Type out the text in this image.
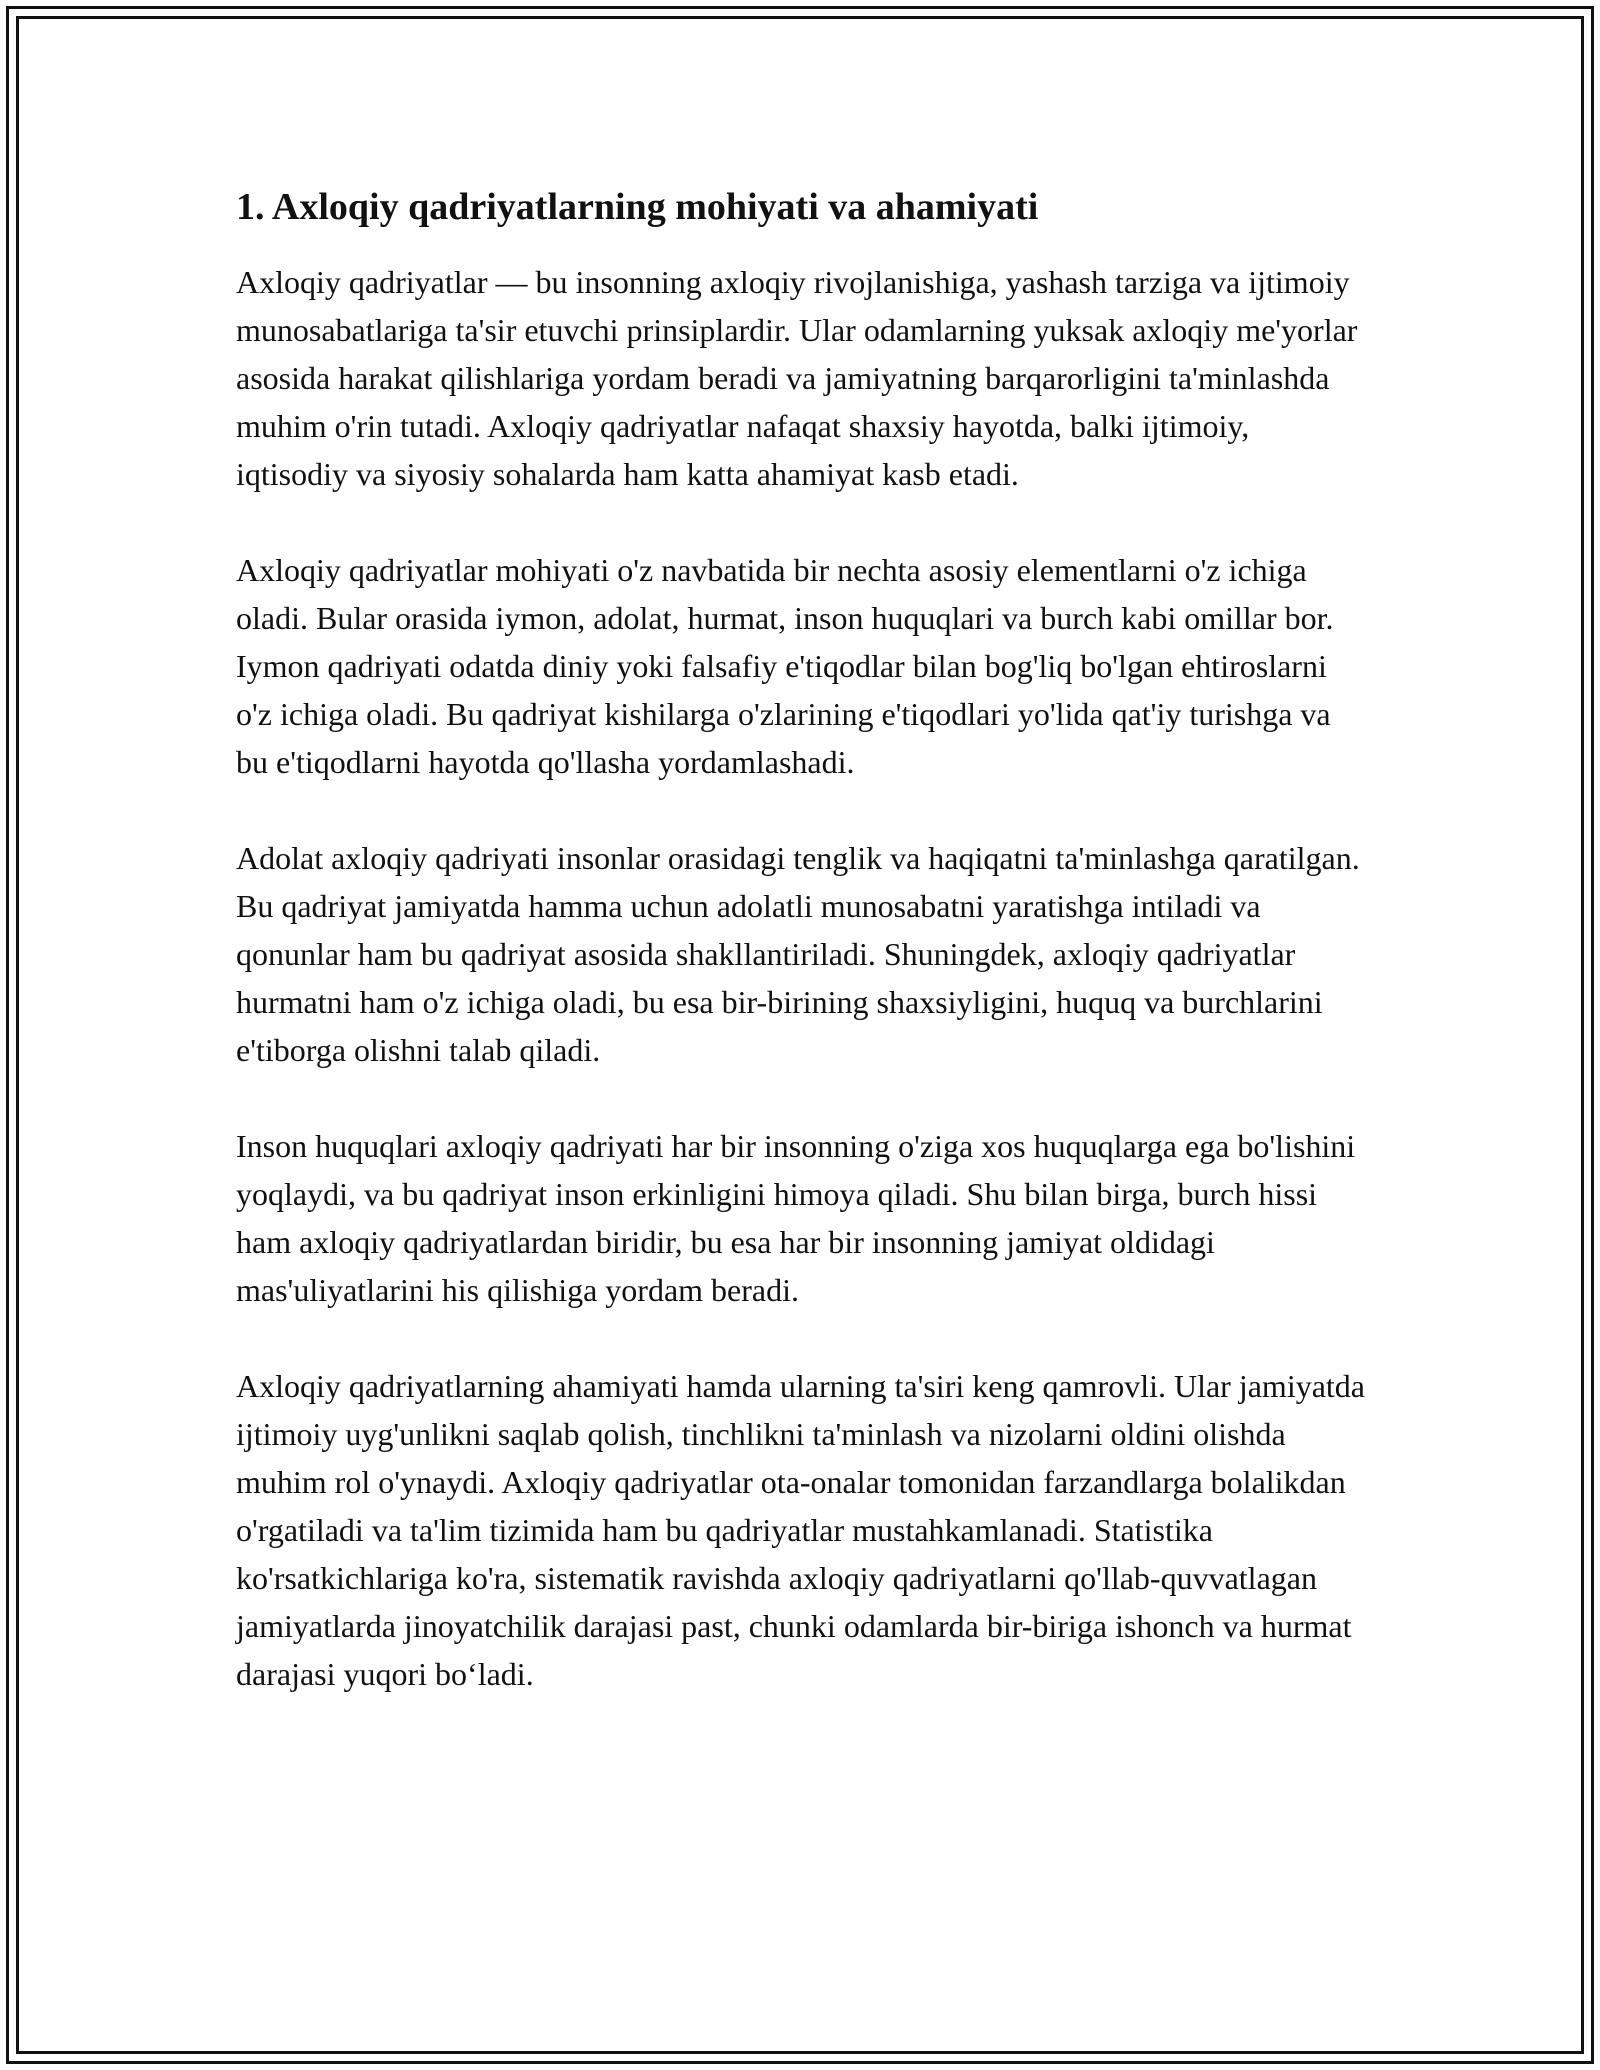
1. Axloqiy qadriyatlarning mohiyati va ahamiyati

Axloqiy qadriyatlar — bu insonning axloqiy rivojlanishiga, yashash tarziga va ijtimoiy munosabatlariga ta'sir etuvchi prinsiplardir. Ular odamlarning yuksak axloqiy me'yorlar asosida harakat qilishlariga yordam beradi va jamiyatning barqarorligini ta'minlashda muhim o'rin tutadi. Axloqiy qadriyatlar nafaqat shaxsiy hayotda, balki ijtimoiy, iqtisodiy va siyosiy sohalarda ham katta ahamiyat kasb etadi.

Axloqiy qadriyatlar mohiyati o'z navbatida bir nechta asosiy elementlarni o'z ichiga oladi. Bular orasida iymon, adolat, hurmat, inson huquqlari va burch kabi omillar bor. Iymon qadriyati odatda diniy yoki falsafiy e'tiqodlar bilan bog'liq bo'lgan ehtiroslarni o'z ichiga oladi. Bu qadriyat kishilarga o'zlarining e'tiqodlari yo'lida qat'iy turishga va bu e'tiqodlarni hayotda qo'llasha yordamlashadi.

Adolat axloqiy qadriyati insonlar orasidagi tenglik va haqiqatni ta'minlashga qaratilgan. Bu qadriyat jamiyatda hamma uchun adolatli munosabatni yaratishga intiladi va qonunlar ham bu qadriyat asosida shakllantiriladi. Shuningdek, axloqiy qadriyatlar hurmatni ham o'z ichiga oladi, bu esa bir-birining shaxsiyligini, huquq va burchlarini e'tiborga olishni talab qiladi.

Inson huquqlari axloqiy qadriyati har bir insonning o'ziga xos huquqlarga ega bo'lishini yoqlaydi, va bu qadriyat inson erkinligini himoya qiladi. Shu bilan birga, burch hissi ham axloqiy qadriyatlardan biridir, bu esa har bir insonning jamiyat oldidagi mas'uliyatlarini his qilishiga yordam beradi.

Axloqiy qadriyatlarning ahamiyati hamda ularning ta'siri keng qamrovli. Ular jamiyatda ijtimoiy uyg'unlikni saqlab qolish, tinchlikni ta'minlash va nizolarni oldini olishda muhim rol o'ynaydi. Axloqiy qadriyatlar ota-onalar tomonidan farzandlarga bolalikdan o'rgatiladi va ta'lim tizimida ham bu qadriyatlar mustahkamlanadi. Statistika ko'rsatkichlariga ko'ra, sistematik ravishda axloqiy qadriyatlarni qo'llab-quvvatlagan jamiyatlarda jinoyatchilik darajasi past, chunki odamlarda bir-biriga ishonch va hurmat darajasi yuqori bo‘ladi.
